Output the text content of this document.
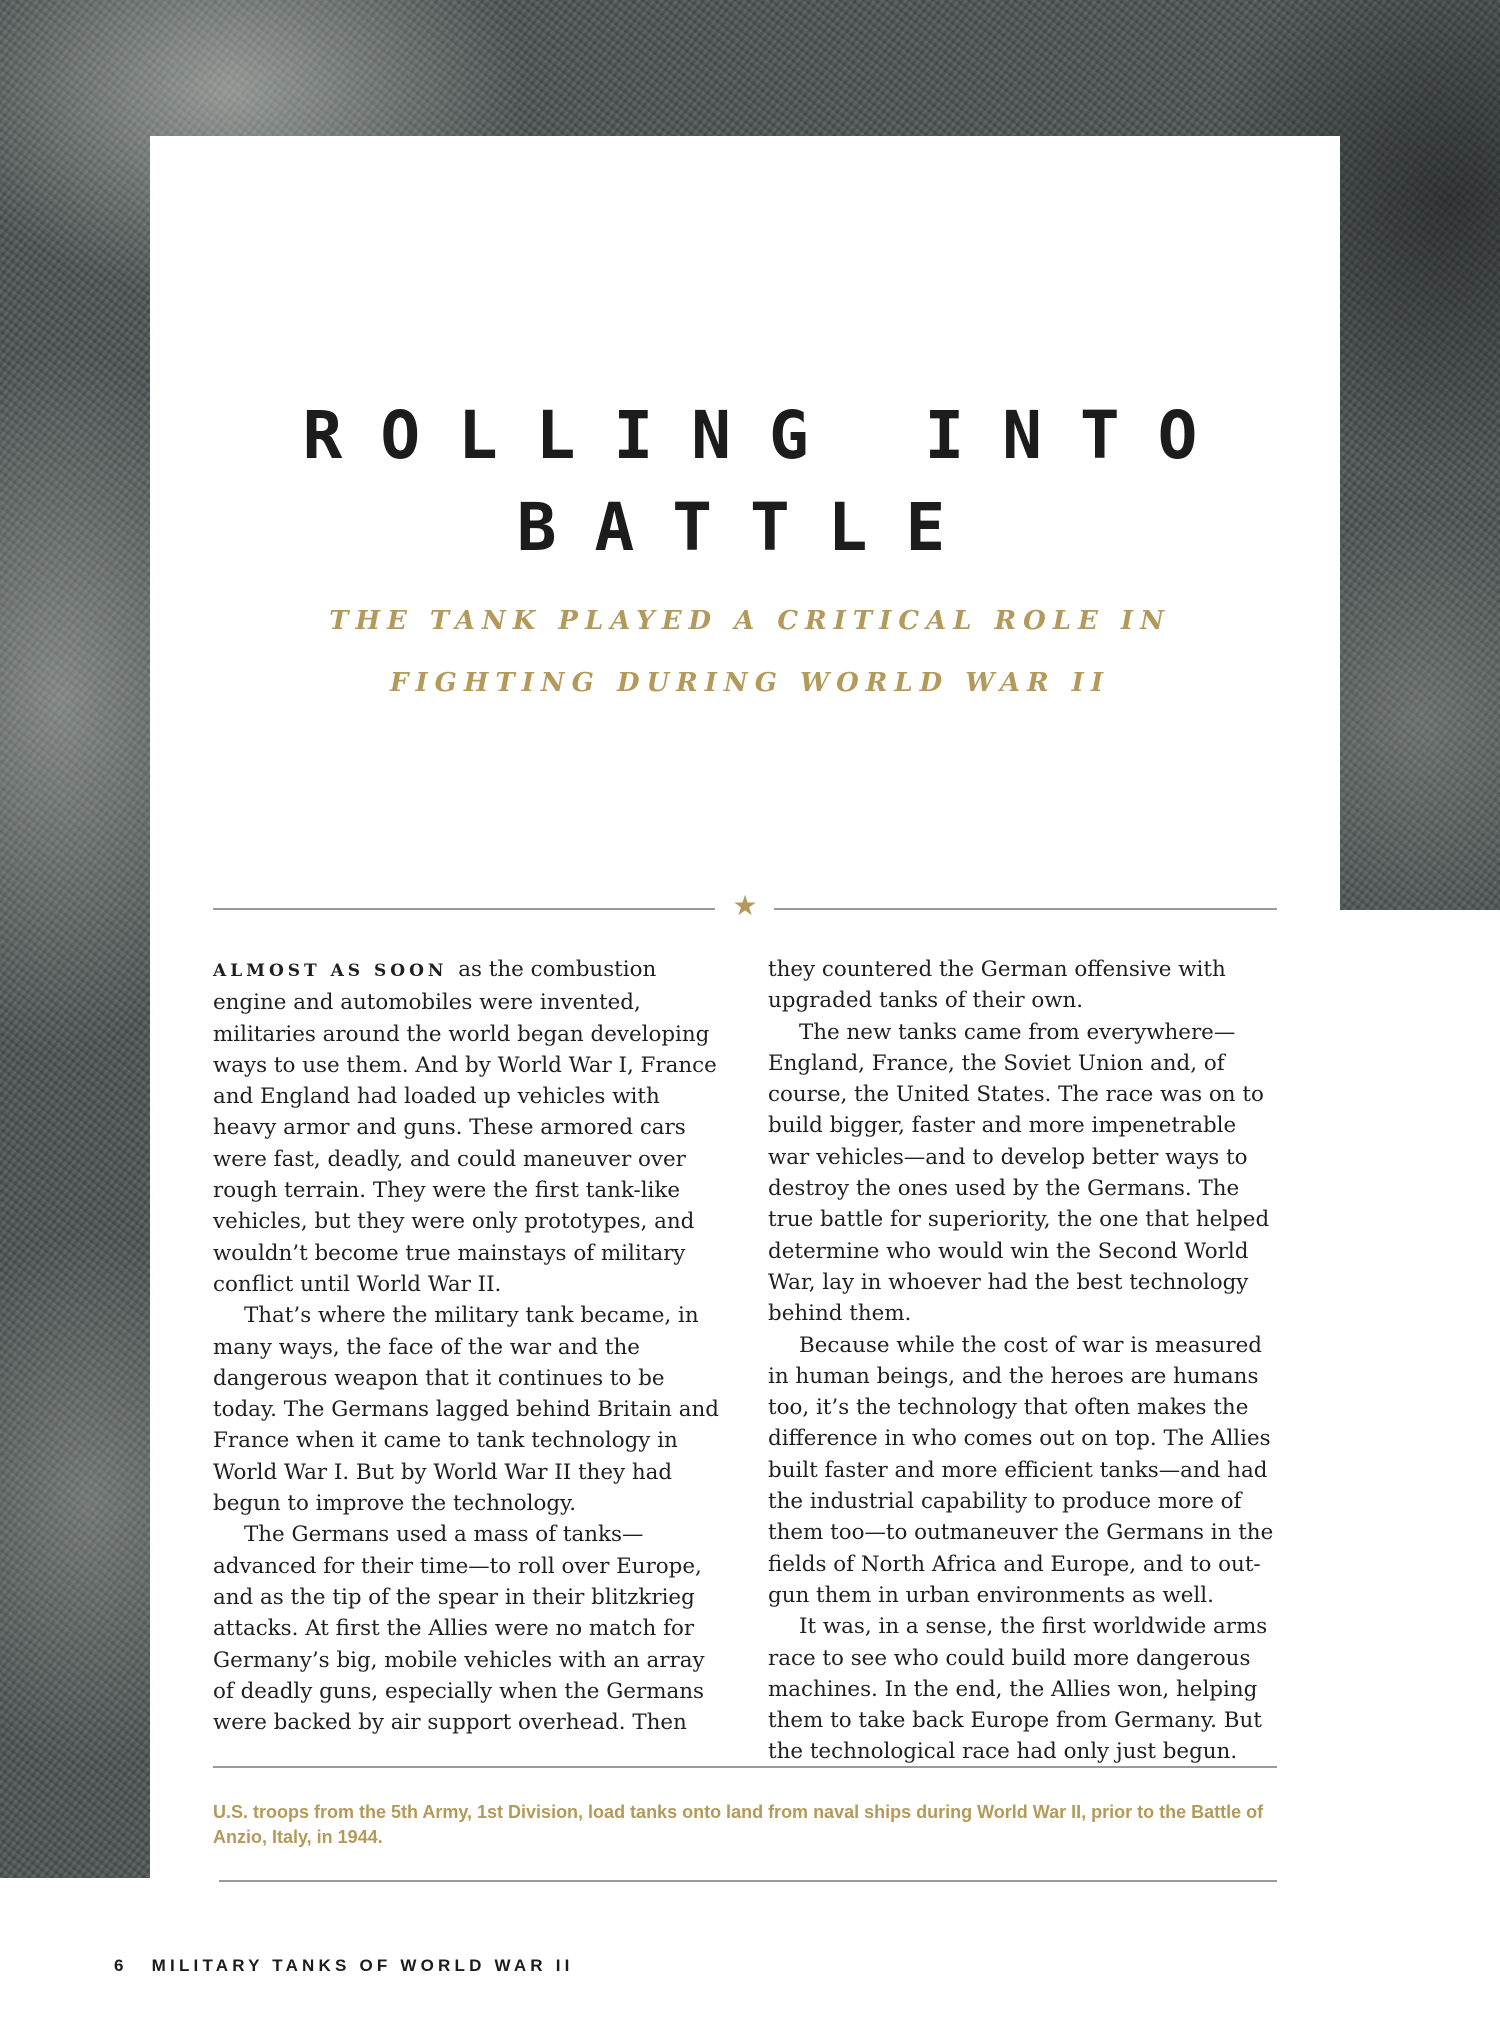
ROLLING INTO
BATTLE
THE TANK PLAYED A CRITICAL ROLE IN
FIGHTING DURING WORLD WAR II
★

ALMOST AS SOON as the combustion engine and automobiles were invented, militaries around the world began developing ways to use them. And by World War I, France and England had loaded up vehicles with heavy armor and guns. These armored cars were fast, deadly, and could maneuver over rough terrain. They were the first tank-like vehicles, but they were only prototypes, and wouldn’t become true mainstays of military conflict until World War II.

That’s where the military tank became, in many ways, the face of the war and the dangerous weapon that it continues to be today. The Germans lagged behind Britain and France when it came to tank technology in World War I. But by World War II they had begun to improve the technology.

The Germans used a mass of tanks—advanced for their time—to roll over Europe, and as the tip of the spear in their blitzkrieg attacks. At first the Allies were no match for Germany’s big, mobile vehicles with an array of deadly guns, especially when the Germans were backed by air support overhead. Then

they countered the German offensive with upgraded tanks of their own.

The new tanks came from everywhere—England, France, the Soviet Union and, of course, the United States. The race was on to build bigger, faster and more impenetrable war vehicles—and to develop better ways to destroy the ones used by the Germans. The true battle for superiority, the one that helped determine who would win the Second World War, lay in whoever had the best technology behind them.

Because while the cost of war is measured in human beings, and the heroes are humans too, it’s the technology that often makes the difference in who comes out on top. The Allies built faster and more efficient tanks—and had the industrial capability to produce more of them too—to outmaneuver the Germans in the fields of North Africa and Europe, and to out-gun them in urban environments as well.

It was, in a sense, the first worldwide arms race to see who could build more dangerous machines. In the end, the Allies won, helping them to take back Europe from Germany. But the technological race had only just begun.

U.S. troops from the 5th Army, 1st Division, load tanks onto land from naval ships during World War II, prior to the Battle of Anzio, Italy, in 1944.

6 MILITARY TANKS OF WORLD WAR II
